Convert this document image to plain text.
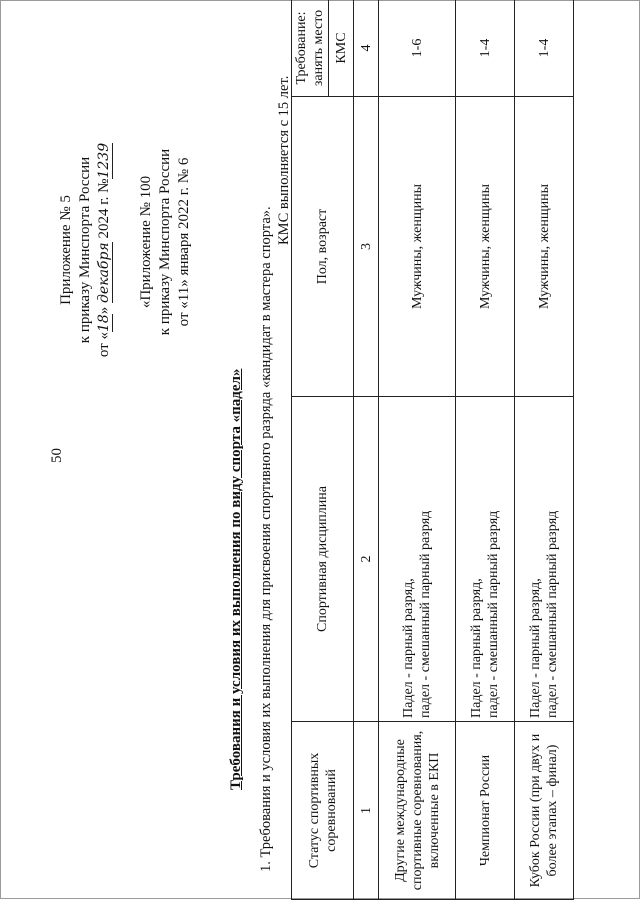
50
Приложение № 5 к приказу Минспорта России
от «18» декабря 2024 г. №1239
«Приложение № 100 к приказу Минспорта России от «11» января 2022 г. № 6
Требования и условия их выполнения по виду спорта «падел» 1. Требования и условия их выполнения для присвоения спортивного разряда «кандидат в мастера спорта».
КМС выполняется с 15 лет.
Статус спортивных соревнований	Спортивная дисциплина	Пол, возраст	Требование: занять место
			КМС
1	2	3	4
Другие международные спортивные соревнования, включенные в ЕКП	Падел - парный разряд, падел - смешанный парный разряд	Мужчины, женщины	1-6
Чемпионат России	Падел - парный разряд, падел - смешанный парный разряд	Мужчины, женщины	1-4
Кубок России (при двух и более этапах – финал)	Падел - парный разряд, падел - смешанный парный разряд	Мужчины, женщины	1-4
